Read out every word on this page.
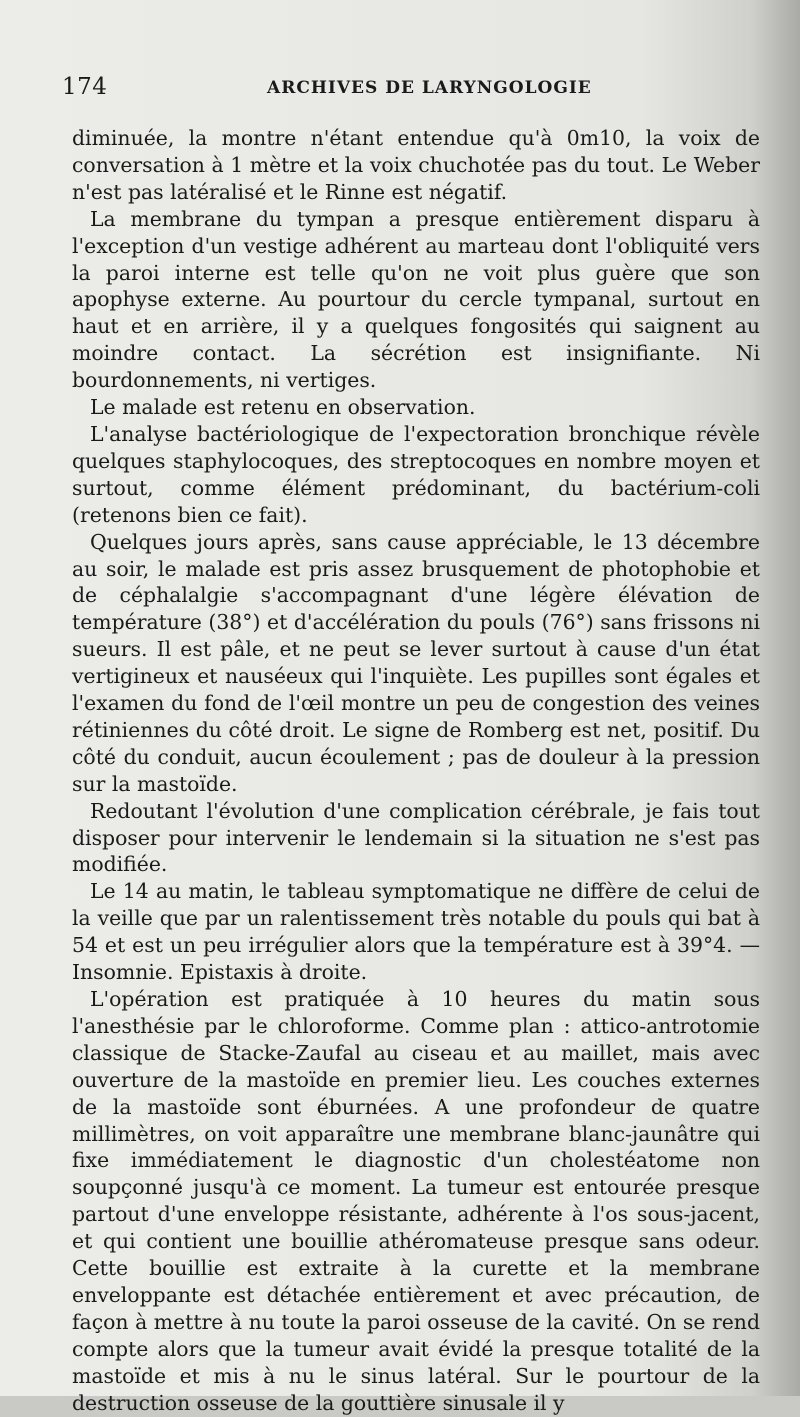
174	ARCHIVES DE LARYNGOLOGIE

diminuée, la montre n'étant entendue qu'à 0m10, la voix de conversation à 1 mètre et la voix chuchotée pas du tout. Le Weber n'est pas latéralisé et le Rinne est négatif.

La membrane du tympan a presque entièrement disparu à l'exception d'un vestige adhérent au marteau dont l'obliquité vers la paroi interne est telle qu'on ne voit plus guère que son apophyse externe. Au pourtour du cercle tympanal, surtout en haut et en arrière, il y a quelques fongosités qui saignent au moindre contact. La sécrétion est insignifiante. Ni bourdonnements, ni vertiges.

Le malade est retenu en observation.

L'analyse bactériologique de l'expectoration bronchique révèle quelques staphylocoques, des streptocoques en nombre moyen et surtout, comme élément prédominant, du bactérium-coli (retenons bien ce fait).

Quelques jours après, sans cause appréciable, le 13 décembre au soir, le malade est pris assez brusquement de photophobie et de céphalalgie s'accompagnant d'une légère élévation de température (38°) et d'accélération du pouls (76°) sans frissons ni sueurs. Il est pâle, et ne peut se lever surtout à cause d'un état vertigineux et nauséeux qui l'inquiète. Les pupilles sont égales et l'examen du fond de l'œil montre un peu de congestion des veines rétiniennes du côté droit. Le signe de Romberg est net, positif. Du côté du conduit, aucun écoulement ; pas de douleur à la pression sur la mastoïde.

Redoutant l'évolution d'une complication cérébrale, je fais tout disposer pour intervenir le lendemain si la situation ne s'est pas modifiée.

Le 14 au matin, le tableau symptomatique ne diffère de celui de la veille que par un ralentissement très notable du pouls qui bat à 54 et est un peu irrégulier alors que la température est à 39°4. — Insomnie. Epistaxis à droite.

L'opération est pratiquée à 10 heures du matin sous l'anesthésie par le chloroforme. Comme plan : attico-antrotomie classique de Stacke-Zaufal au ciseau et au maillet, mais avec ouverture de la mastoïde en premier lieu. Les couches externes de la mastoïde sont éburnées. A une profondeur de quatre millimètres, on voit apparaître une membrane blanc-jaunâtre qui fixe immédiatement le diagnostic d'un cholestéatome non soupçonné jusqu'à ce moment. La tumeur est entourée presque partout d'une enveloppe résistante, adhérente à l'os sous-jacent, et qui contient une bouillie athéromateuse presque sans odeur. Cette bouillie est extraite à la curette et la membrane enveloppante est détachée entièrement et avec précaution, de façon à mettre à nu toute la paroi osseuse de la cavité. On se rend compte alors que la tumeur avait évidé la presque totalité de la mastoïde et mis à nu le sinus latéral. Sur le pourtour de la destruction osseuse de la gouttière sinusale il y
